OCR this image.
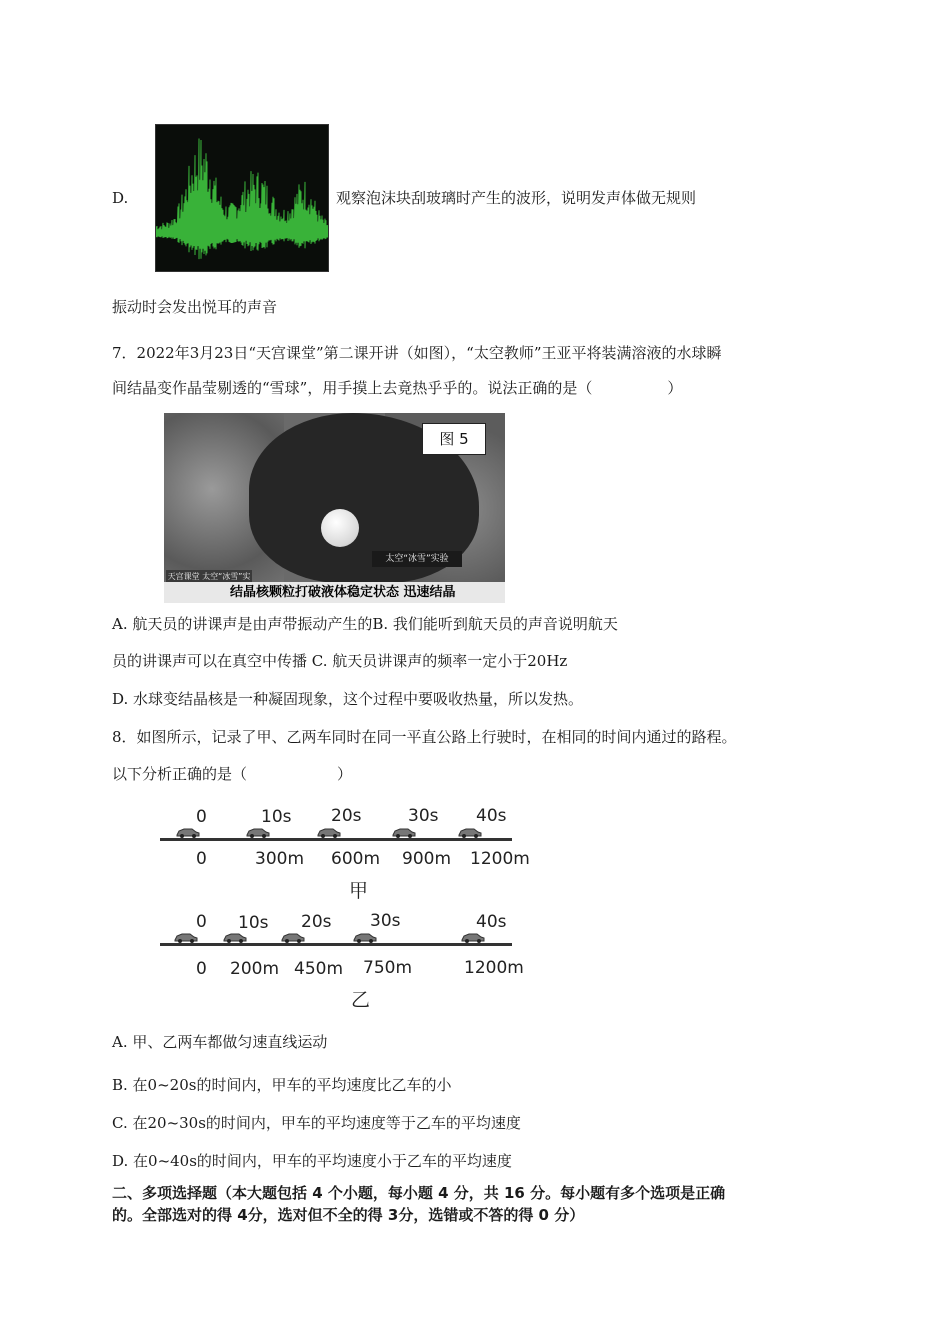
D.	观察泡沫块刮玻璃时产生的波形，说明发声体做无规则
振动时会发出悦耳的声音
7．2022年3月23日“天宫课堂”第二课开讲（如图），“太空教师”王亚平将装满溶液的水球瞬
间结晶变作晶莹剔透的“雪球”，用手摸上去竟热乎乎的。说法正确的是（　　　　　）
图 5
太空“冰雪”实验
天宫课堂 太空“冰雪”实
结晶核颗粒打破液体稳定状态 迅速结晶
A. 航天员的讲课声是由声带振动产生的B. 我们能听到航天员的声音说明航天
员的讲课声可以在真空中传播 C. 航天员讲课声的频率一定小于20Hz
D. 水球变结晶核是一种凝固现象，这个过程中要吸收热量，所以发热。
8．如图所示，记录了甲、乙两车同时在同一平直公路上行驶时，在相同的时间内通过的路程。
以下分析正确的是（　　　　　　）
0	10s 20s	30s 40s
0	300m 600m 900m 1200m
甲
0 10s 20s 30s	40s
0 200m 450m 750m	1200m
乙
A. 甲、乙两车都做匀速直线运动
B. 在0~20s的时间内，甲车的平均速度比乙车的小
C. 在20~30s的时间内，甲车的平均速度等于乙车的平均速度
D. 在0~40s的时间内，甲车的平均速度小于乙车的平均速度
二、多项选择题（本大题包括 4 个小题，每小题 4 分，共 16 分。每小题有多个选项是正确
的。全部选对的得 4分，选对但不全的得 3分，选错或不答的得 0 分）
